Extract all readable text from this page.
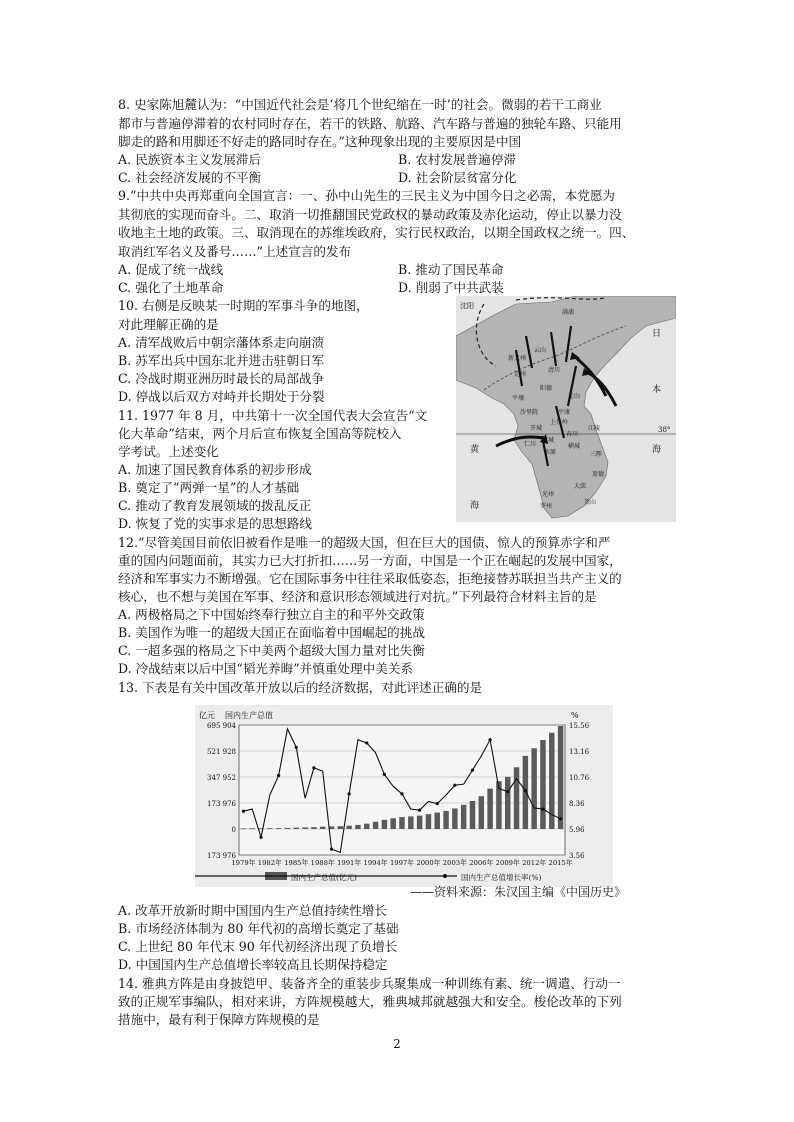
8. 史家陈旭麓认为：“中国近代社会是‘将几个世纪缩在一时’的社会。微弱的若干工商业
都市与普遍停滞着的农村同时存在，若干的铁路、航路、汽车路与普遍的独轮车路、只能用
脚走的路和用脚还不好走的路同时存在。”这种现象出现的主要原因是中国
A. 民族资本主义发展滞后	B. 农村发展普遍停滞
C. 社会经济发展的不平衡	D. 社会阶层贫富分化
9.“中共中央再郑重向全国宣言：一、孙中山先生的三民主义为中国今日之必需，本党愿为
其彻底的实现而奋斗。二、取消一切推翻国民党政权的暴动政策及赤化运动，停止以暴力没
收地主土地的政策。三、取消现在的苏维埃政府，实行民权政治，以期全国政权之统一。四、
取消红军名义及番号……”上述宣言的发布
A. 促成了统一战线	B. 推动了国民革命
C. 强化了土地革命	D. 削弱了中共武装
10. 右侧是反映某一时期的军事斗争的地图，
对此理解正确的是
A. 清军战败后中朝宗藩体系走向崩溃
B. 苏军出兵中国东北并进击驻朝日军
C. 冷战时期亚洲历时最长的局部战争
D. 停战以后双方对峙并长期处于分裂
沈阳
日
本
海
38°
黄
海
新义州
云山
满浦
清川
定州
平壤
阳德
元山
沙里院	平康
上甘岭
开城
春川
汉城
江陵
仁川	横城
水原	三陟
盈德
大邱
光州
罗州
釜山
11. 1977 年 8 月，中共第十一次全国代表大会宣告“文
化大革命”结束，两个月后宣布恢复全国高等院校入
学考试。上述变化
A. 加速了国民教育体系的初步形成
B. 奠定了“两弹一星”的人才基础
C. 推动了教育发展领域的拨乱反正
D. 恢复了党的实事求是的思想路线
12.“尽管美国目前依旧被看作是唯一的超级大国，但在巨大的国债、惊人的预算赤字和严
重的国内问题面前，其实力已大打折扣……另一方面，中国是一个正在崛起的发展中国家，
经济和军事实力不断增强。它在国际事务中往往采取低姿态，拒绝接替苏联担当共产主义的
核心，也不想与美国在军事、经济和意识形态领域进行对抗。”下列最符合材料主旨的是
A. 两极格局之下中国始终奉行独立自主的和平外交政策
B. 美国作为唯一的超级大国正在面临着中国崛起的挑战
C. 一超多强的格局之下中美两个超级大国力量对比失衡
D. 冷战结束以后中国“韬光养晦”并慎重处理中美关系
13. 下表是有关中国改革开放以后的经济数据，对此评述正确的是
亿元 国内生产总值	%
695 904
521 928
347 952
173 976
0
173 976
15.56
13.16
10.76
8.36
5.96
3.56
1979年 1982年 1985年 1988年 1991年 1994年 1997年 2000年 2003年 2006年 2009年 2012年 2015年
国内生产总值(亿元)	国内生产总值增长率(%)
——资料来源：朱汉国主编《中国历史》
A. 改革开放新时期中国国内生产总值持续性增长
B. 市场经济体制为 80 年代初的高增长奠定了基础
C. 上世纪 80 年代末 90 年代初经济出现了负增长
D. 中国国内生产总值增长率较高且长期保持稳定
14. 雅典方阵是由身披铠甲、装备齐全的重装步兵聚集成一种训练有素、统一调遣、行动一
致的正规军事编队，相对来讲，方阵规模越大，雅典城邦就越强大和安全。梭伦改革的下列
措施中，最有利于保障方阵规模的是
2
